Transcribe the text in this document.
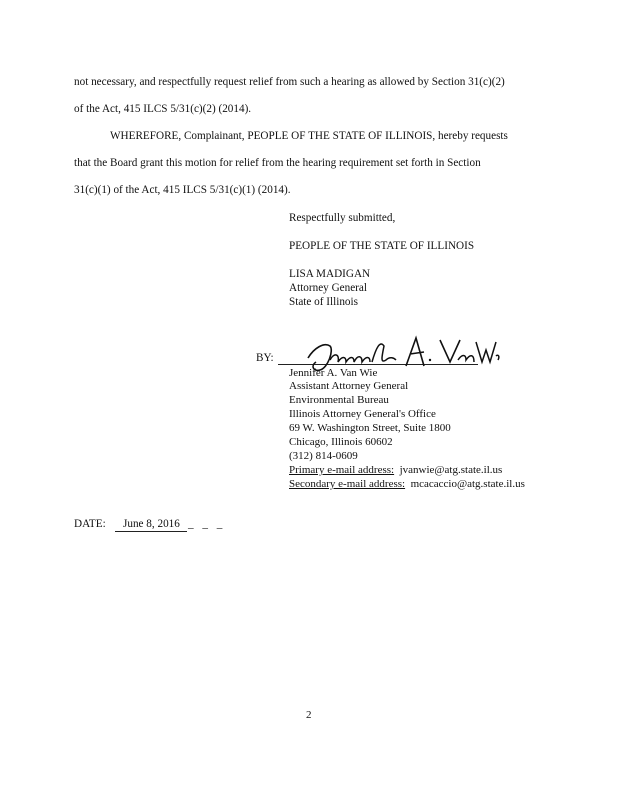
not necessary, and respectfully request relief from such a hearing as allowed by Section 31(c)(2)
of the Act, 415 ILCS 5/31(c)(2) (2014).
WHEREFORE, Complainant, PEOPLE OF THE STATE OF ILLINOIS, hereby requests
that the Board grant this motion for relief from the hearing requirement set forth in Section
31(c)(1) of the Act, 415 ILCS 5/31(c)(1) (2014).
Respectfully submitted,
PEOPLE OF THE STATE OF ILLINOIS
LISA MADIGAN
Attorney General
State of Illinois
BY:
Jennifer A. Van Wie
Assistant Attorney General
Environmental Bureau
Illinois Attorney General's Office
69 W. Washington Street, Suite 1800
Chicago, Illinois 60602
(312) 814-0609
Primary e-mail address: jvanwie@atg.state.il.us
Secondary e-mail address: mcacaccio@atg.state.il.us
DATE: June 8, 2016 _ _ _
2
